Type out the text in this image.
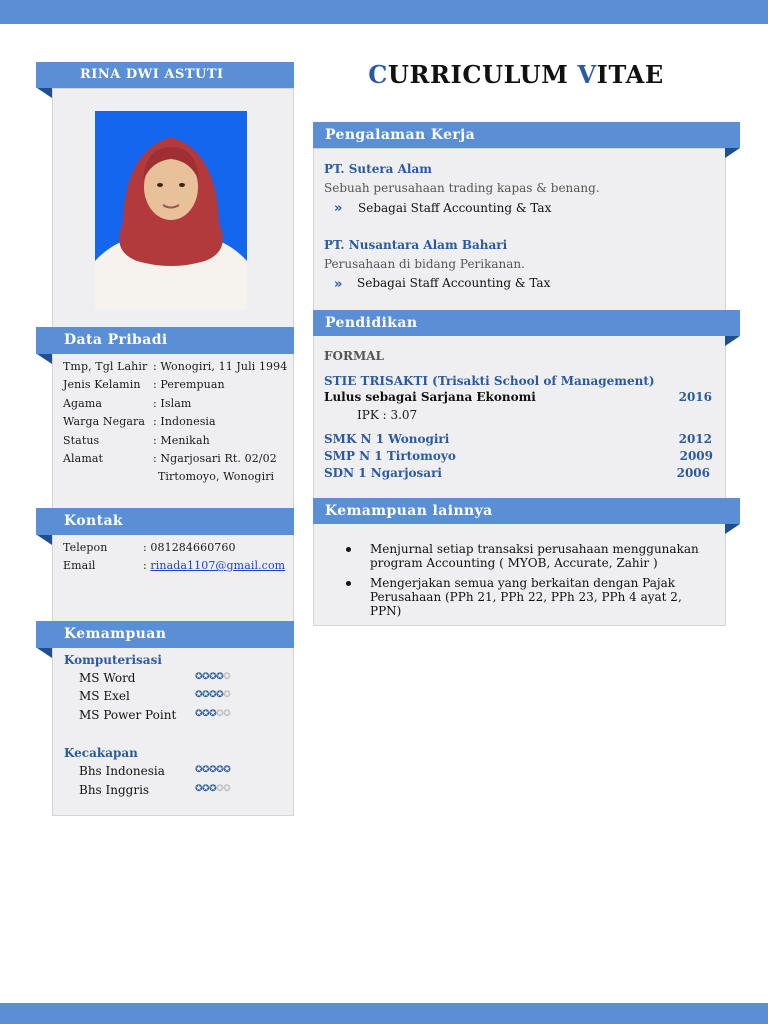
RINA DWI ASTUTI
Data Pribadi
Tmp, Tgl Lahir : Wonogiri, 11 Juli 1994
Jenis Kelamin : Perempuan
Agama	: Islam
Warga Negara : Indonesia
Status	: Menikah
Alamat	: Ngarjosari Rt. 02/02
Tirtomoyo, Wonogiri
Kontak
Telepon	: 081284660760
Email	: rinada1107@gmail.com
Kemampuan
Komputerisasi
MS Word	✪✪✪✪✪
MS Exel	✪✪✪✪✪
MS Power Point ✪✪✪✪✪
Kecakapan
Bhs Indonesia	✪✪✪✪✪
Bhs Inggris	✪✪✪✪✪
CURRICULUM VITAE
Pengalaman Kerja
PT. Sutera Alam
Sebuah perusahaan trading kapas & benang.
» Sebagai Staff Accounting & Tax
PT. Nusantara Alam Bahari
Perusahaan di bidang Perikanan.
» Sebagai Staff Accounting & Tax
Pendidikan
FORMAL
STIE TRISAKTI (Trisakti School of Management)
Lulus sebagai Sarjana Ekonomi	2016
IPK : 3.07
SMK N 1 Wonogiri	2012
SMP N 1 Tirtomoyo	2009
SDN 1 Ngarjosari	2006
Kemampuan lainnya
Menjurnal setiap transaksi perusahaan menggunakan
program Accounting ( MYOB, Accurate, Zahir )
Mengerjakan semua yang berkaitan dengan Pajak
Perusahaan (PPh 21, PPh 22, PPh 23, PPh 4 ayat 2, PPN)
